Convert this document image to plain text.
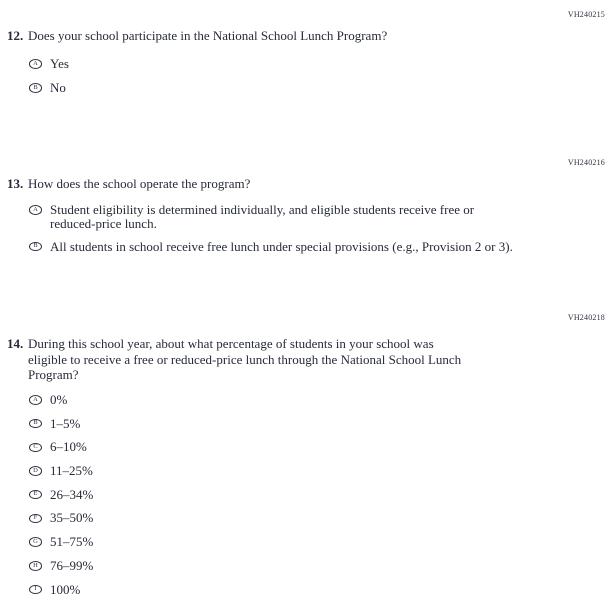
VH240215
12. Does your school participate in the National School Lunch Program?
A Yes
B No
VH240216
13. How does the school operate the program?
A Student eligibility is determined individually, and eligible students receive free or
reduced-price lunch.
B All students in school receive free lunch under special provisions (e.g., Provision 2 or 3).
VH240218
14. During this school year, about what percentage of students in your school was
eligible to receive a free or reduced-price lunch through the National School Lunch
Program?
A 0%
B 1–5%
C 6–10%
D 11–25%
E 26–34%
F 35–50%
G 51–75%
H 76–99%
I 100%
